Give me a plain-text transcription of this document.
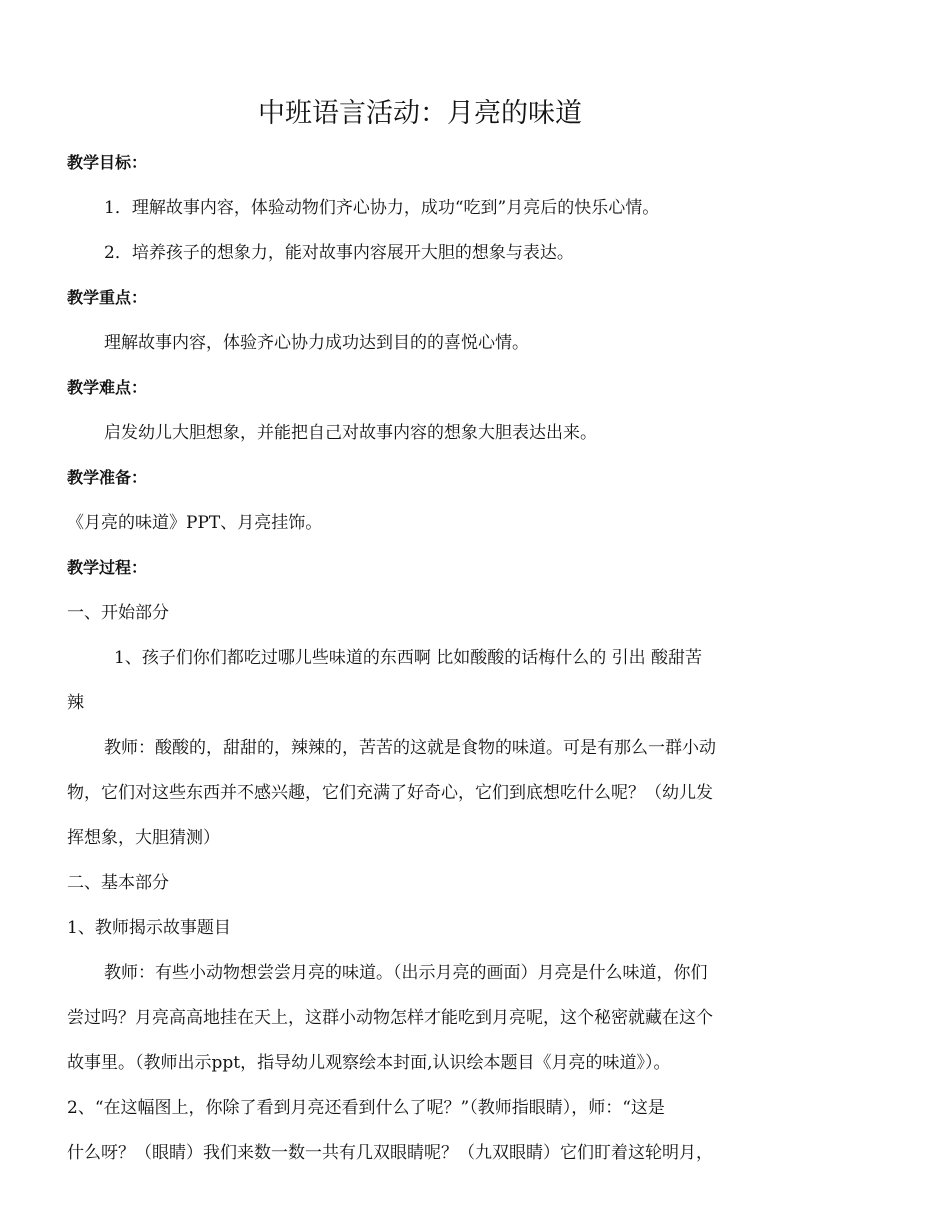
中班语言活动：月亮的味道
教学目标：
1．理解故事内容，体验动物们齐心协力，成功“吃到”月亮后的快乐心情。
2．培养孩子的想象力，能对故事内容展开大胆的想象与表达。
教学重点：
理解故事内容，体验齐心协力成功达到目的的喜悦心情。
教学难点：
启发幼儿大胆想象，并能把自己对故事内容的想象大胆表达出来。
教学准备：
《月亮的味道》PPT、月亮挂饰。
教学过程：
一、开始部分
1、孩子们你们都吃过哪儿些味道的东西啊 比如酸酸的话梅什么的 引出 酸甜苦
辣
教师：酸酸的，甜甜的，辣辣的，苦苦的这就是食物的味道。可是有那么一群小动
物，它们对这些东西并不感兴趣，它们充满了好奇心，它们到底想吃什么呢？（幼儿发
挥想象，大胆猜测）
二、基本部分
1、教师揭示故事题目
教师：有些小动物想尝尝月亮的味道。（出示月亮的画面）月亮是什么味道，你们
尝过吗？月亮高高地挂在天上，这群小动物怎样才能吃到月亮呢，这个秘密就藏在这个
故事里。（教师出示ppt，指导幼儿观察绘本封面,认识绘本题目《月亮的味道》）。
2、“在这幅图上，你除了看到月亮还看到什么了呢？”（教师指眼睛），师：“这是
什么呀？（眼睛）我们来数一数一共有几双眼睛呢？（九双眼睛）它们盯着这轮明月，
